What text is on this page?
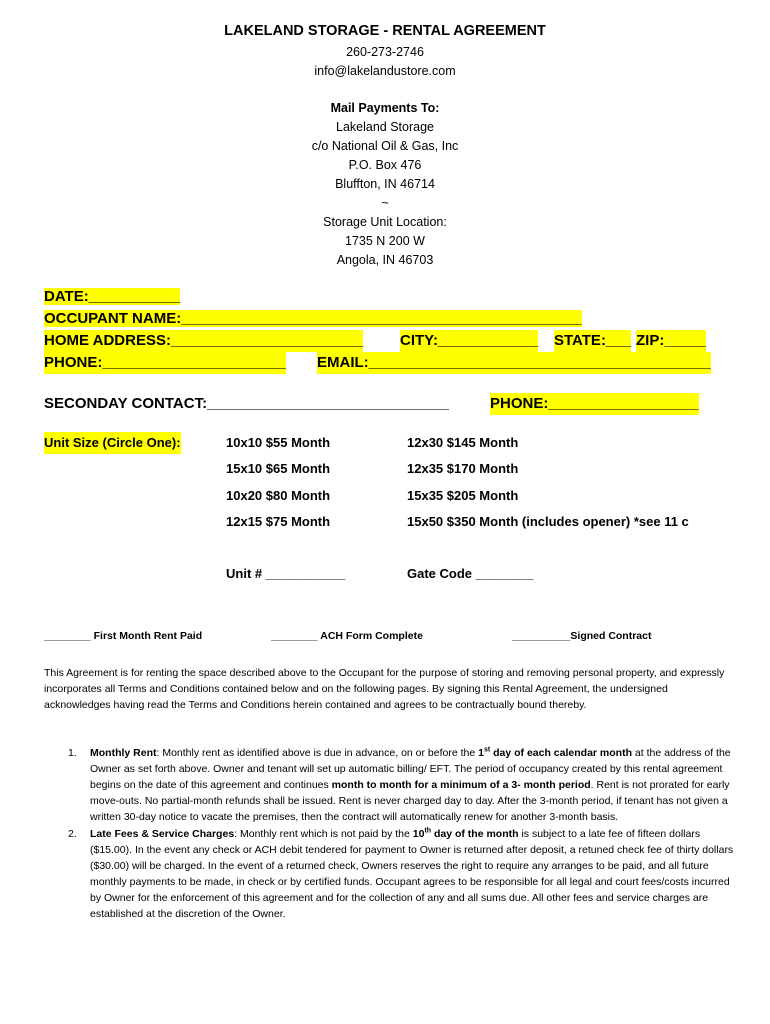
LAKELAND STORAGE - RENTAL AGREEMENT
260-273-2746
info@lakelandustore.com
Mail Payments To:
Lakeland Storage
c/o National Oil & Gas, Inc
P.O. Box 476
Bluffton, IN 46714
~
Storage Unit Location:
1735 N 200 W
Angola, IN 46703
DATE:___________
OCCUPANT NAME:________________________________________________
HOME ADDRESS:_______________________ CITY:____________ STATE:___ ZIP:_____
PHONE:______________________ EMAIL:_________________________________________
SECONDAY CONTACT:_____________________________	PHONE:__________________
Unit Size (Circle One):	10x10 $55 Month	12x30 $145 Month
15x10 $65 Month	12x35 $170 Month
10x20 $80 Month	15x35 $205 Month
12x15 $75 Month	15x50 $350 Month (includes opener) *see 11 c
Unit # ___________	Gate Code ________
________ First Month Rent Paid	________ ACH Form Complete	__________Signed Contract
This Agreement is for renting the space described above to the Occupant for the purpose of storing and removing personal property, and expressly incorporates all Terms and Conditions contained below and on the following pages. By signing this Rental Agreement, the undersigned acknowledges having read the Terms and Conditions herein contained and agrees to be contractually bound thereby.
1. Monthly Rent: Monthly rent as identified above is due in advance, on or before the 1st day of each calendar month at the address of the Owner as set forth above. Owner and tenant will set up automatic billing/ EFT. The period of occupancy created by this rental agreement begins on the date of this agreement and continues month to month for a minimum of a 3- month period. Rent is not prorated for early move-outs. No partial-month refunds shall be issued. Rent is never charged day to day. After the 3-month period, if tenant has not given a written 30-day notice to vacate the premises, then the contract will automatically renew for another 3-month basis.
2. Late Fees & Service Charges: Monthly rent which is not paid by the 10th day of the month is subject to a late fee of fifteen dollars ($15.00). In the event any check or ACH debit tendered for payment to Owner is returned after deposit, a retuned check fee of thirty dollars ($30.00) will be charged. In the event of a returned check, Owners reserves the right to require any arranges to be paid, and all future monthly payments to be made, in check or by certified funds. Occupant agrees to be responsible for all legal and court fees/costs incurred by Owner for the enforcement of this agreement and for the collection of any and all sums due. All other fees and service charges are established at the discretion of the Owner.
